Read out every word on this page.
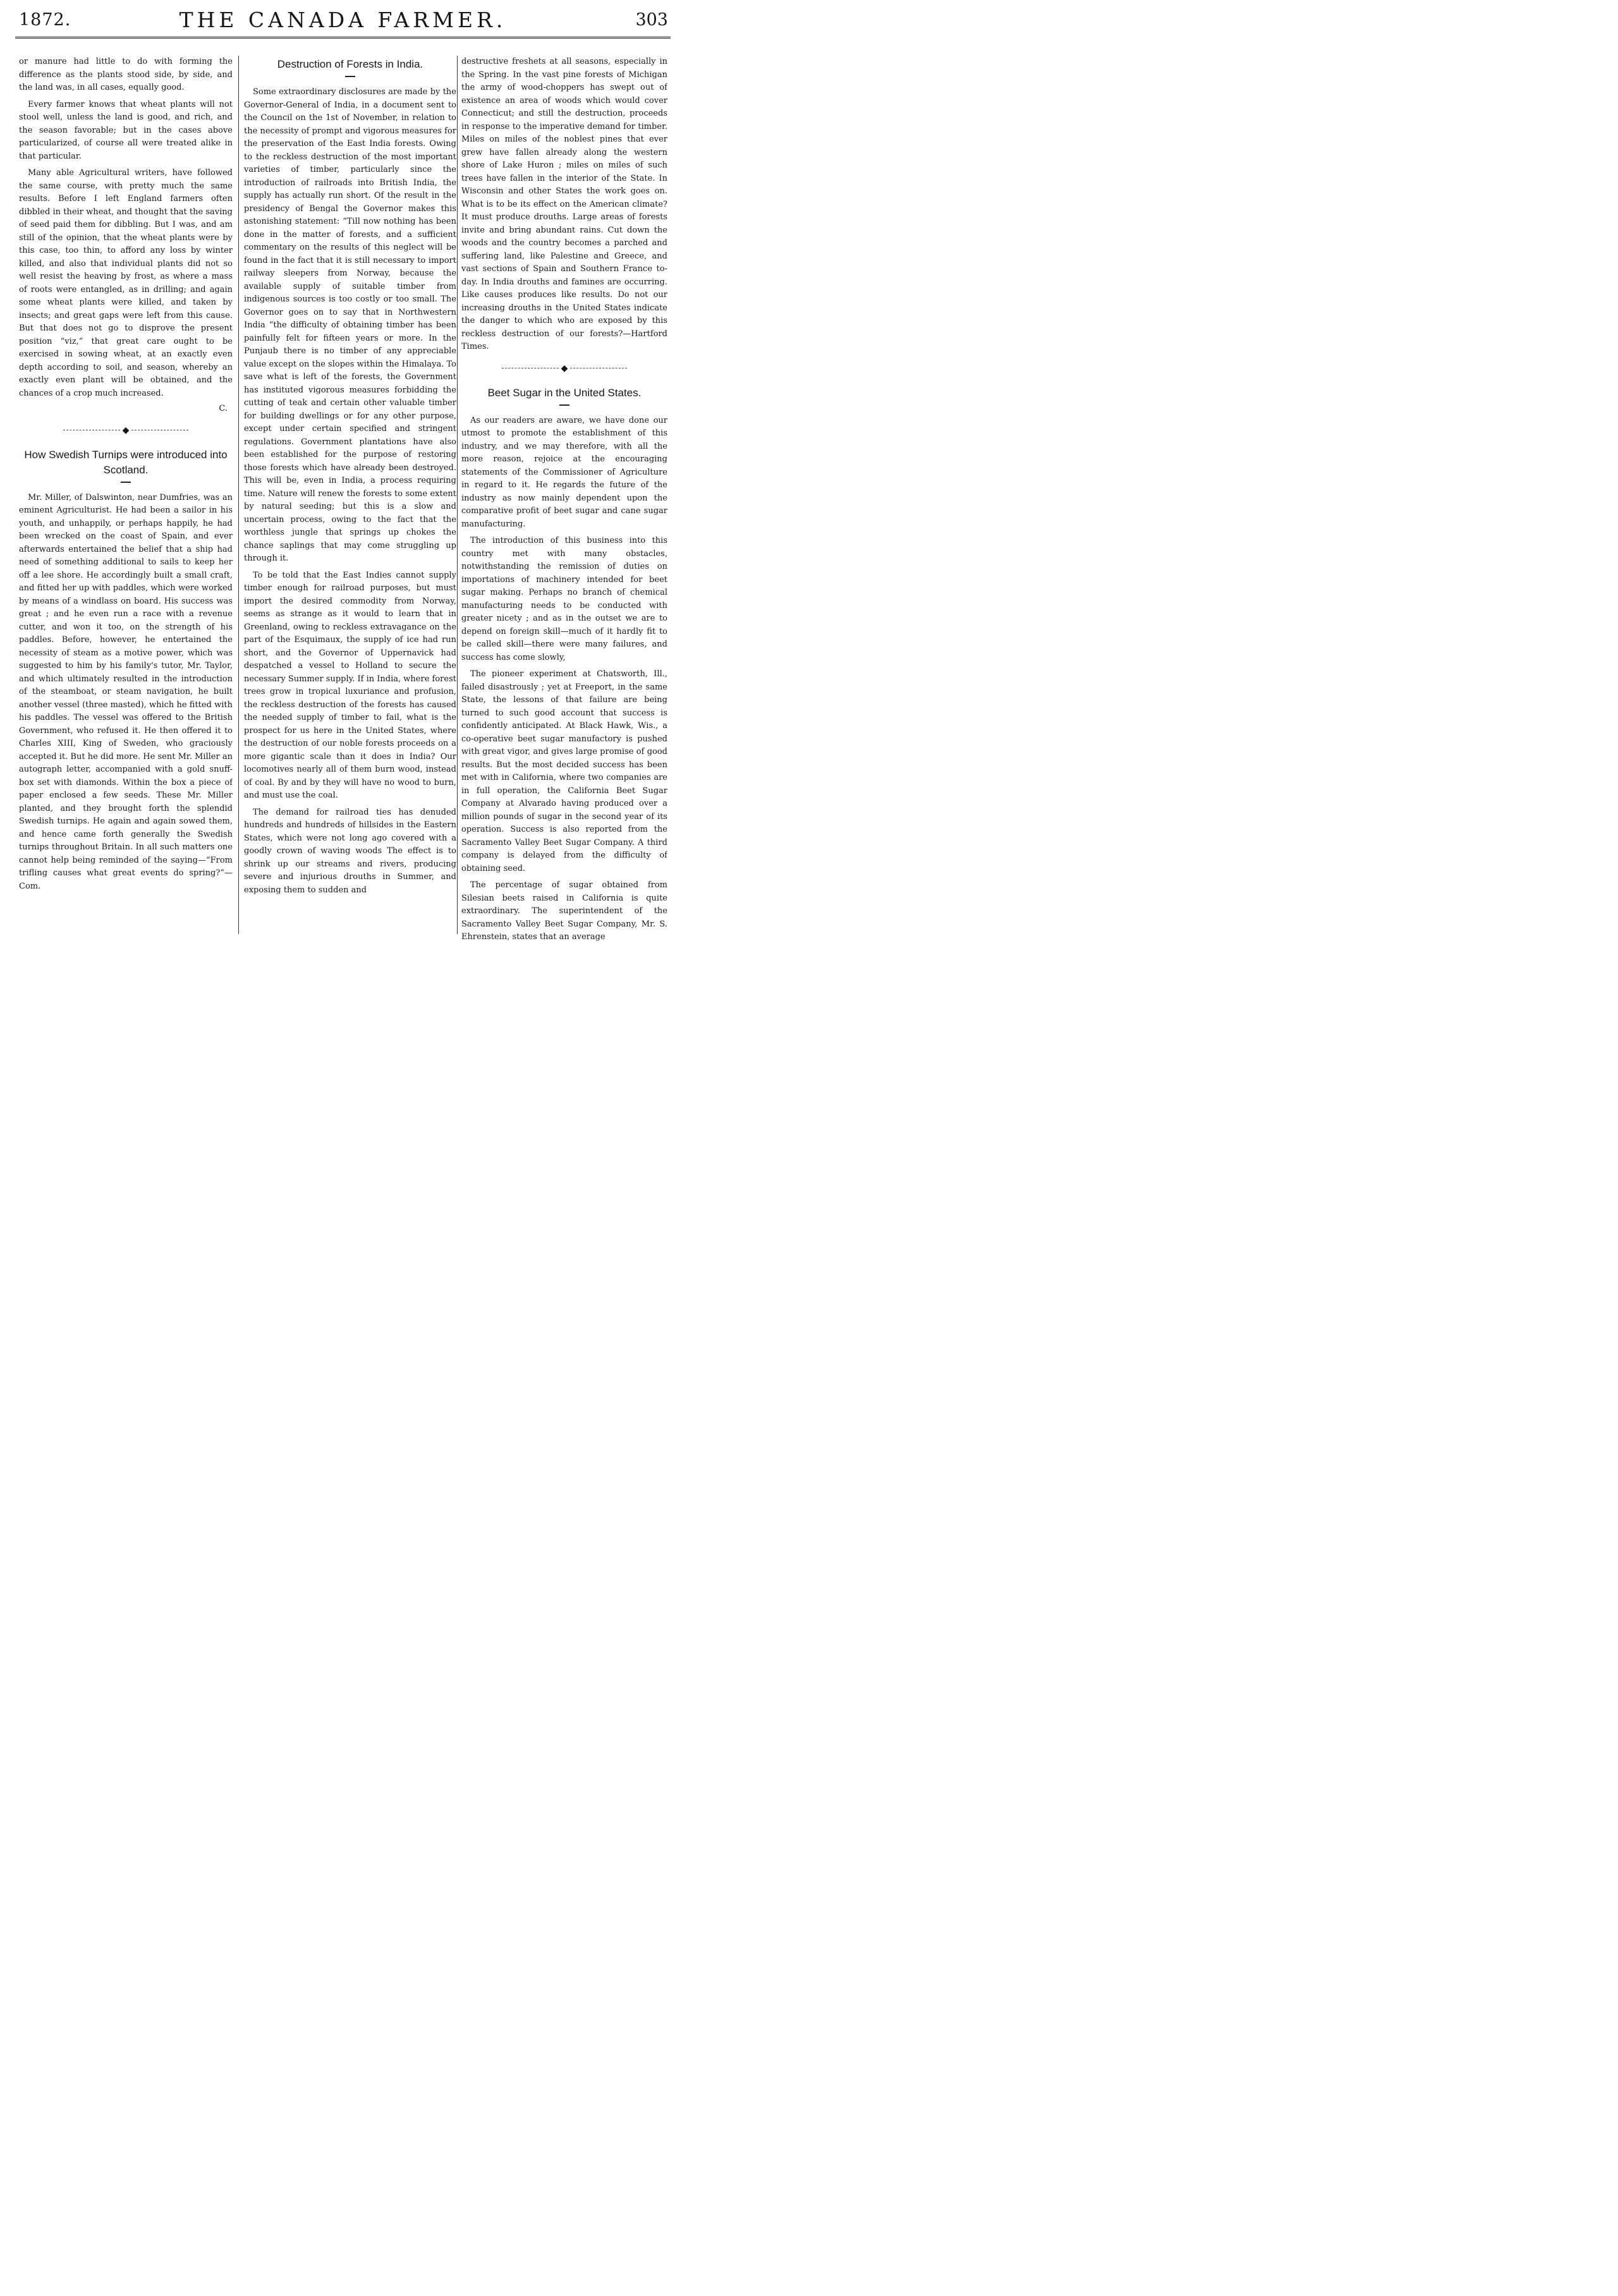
1872.	THE CANADA FARMER.	303

or manure had little to do with forming the difference as the plants stood side, by side, and the land was, in all cases, equally good.

Every farmer knows that wheat plants will not stool well, unless the land is good, and rich, and the season favorable; but in the cases above particularized, of course all were treated alike in that particular.

Many able Agricultural writers, have followed the same course, with pretty much the same results. Before I left England farmers often dibbled in their wheat, and thought that the saving of seed paid them for dibbling. But I was, and am still of the opinion, that the wheat plants were by this case, too thin, to afford any loss by winter killed, and also that individual plants did not so well resist the heaving by frost, as where a mass of roots were entangled, as in drilling; and again some wheat plants were killed, and taken by insects; and great gaps were left from this cause. But that does not go to disprove the present position “viz,” that great care ought to be exercised in sowing wheat, at an exactly even depth according to soil, and season, whereby an exactly even plant will be obtained, and the chances of a crop much increased.

C.

◆
How Swedish Turnips were introduced into Scotland.

Mr. Miller, of Dalswinton, near Dumfries, was an eminent Agriculturist. He had been a sailor in his youth, and unhappily, or perhaps happily, he had been wrecked on the coast of Spain, and ever afterwards entertained the belief that a ship had need of something additional to sails to keep her off a lee shore. He accordingly built a small craft, and fitted her up with paddles, which were worked by means of a windlass on board. His success was great ; and he even run a race with a revenue cutter, and won it too, on the strength of his paddles. Before, however, he entertained the necessity of steam as a motive power, which was suggested to him by his family's tutor, Mr. Taylor, and which ultimately resulted in the introduction of the steamboat, or steam navigation, he built another vessel (three masted), which he fitted with his paddles. The vessel was offered to the British Government, who refused it. He then offered it to Charles XIII, King of Sweden, who graciously accepted it. But he did more. He sent Mr. Miller an autograph letter, accompanied with a gold snuff-box set with diamonds. Within the box a piece of paper enclosed a few seeds. These Mr. Miller planted, and they brought forth the splendid Swedish turnips. He again and again sowed them, and hence came forth generally the Swedish turnips throughout Britain. In all such matters one cannot help being reminded of the saying—“From trifling causes what great events do spring?”—Com.

Destruction of Forests in India.

Some extraordinary disclosures are made by the Governor-General of India, in a document sent to the Council on the 1st of November, in relation to the necessity of prompt and vigorous measures for the preservation of the East India forests. Owing to the reckless destruction of the most important varieties of timber, particularly since the introduction of railroads into British India, the supply has actually run short. Of the result in the presidency of Bengal the Governor makes this astonishing statement: “Till now nothing has been done in the matter of forests, and a sufficient commentary on the results of this neglect will be found in the fact that it is still necessary to import railway sleepers from Norway, because the available supply of suitable timber from indigenous sources is too costly or too small. The Governor goes on to say that in Northwestern India “the difficulty of obtaining timber has been painfully felt for fifteen years or more. In the Punjaub there is no timber of any appreciable value except on the slopes within the Himalaya. To save what is left of the forests, the Government has instituted vigorous measures forbidding the cutting of teak and certain other valuable timber for building dwellings or for any other purpose, except under certain specified and stringent regulations. Government plantations have also been established for the purpose of restoring those forests which have already been destroyed. This will be, even in India, a process requiring time. Nature will renew the forests to some extent by natural seeding; but this is a slow and uncertain process, owing to the fact that the worthless jungle that springs up chokes the chance saplings that may come struggling up through it.

To be told that the East Indies cannot supply timber enough for railroad purposes, but must import the desired commodity from Norway, seems as strange as it would to learn that in Greenland, owing to reckless extravagance on the part of the Esquimaux, the supply of ice had run short, and the Governor of Uppernavick had despatched a vessel to Holland to secure the necessary Summer supply. If in India, where forest trees grow in tropical luxuriance and profusion, the reckless destruction of the forests has caused the needed supply of timber to fail, what is the prospect for us here in the United States, where the destruction of our noble forests proceeds on a more gigantic scale than it does in India? Our locomotives nearly all of them burn wood, instead of coal. By and by they will have no wood to burn, and must use the coal.

The demand for railroad ties has denuded hundreds and hundreds of hillsides in the Eastern States, which were not long ago covered with a goodly crown of waving woods The effect is to shrink up our streams and rivers, producing severe and injurious drouths in Summer, and exposing them to sudden and

destructive freshets at all seasons, especially in the Spring. In the vast pine forests of Michigan the army of wood-choppers has swept out of existence an area of woods which would cover Connecticut; and still the destruction, proceeds in response to the imperative demand for timber. Miles on miles of the noblest pines that ever grew have fallen already along the western shore of Lake Huron ; miles on miles of such trees have fallen in the interior of the State. In Wisconsin and other States the work goes on. What is to be its effect on the American climate? It must produce drouths. Large areas of forests invite and bring abundant rains. Cut down the woods and the country becomes a parched and suffering land, like Palestine and Greece, and vast sections of Spain and Southern France to-day. In India drouths and famines are occurring. Like causes produces like results. Do not our increasing drouths in the United States indicate the danger to which who are exposed by this reckless destruction of our forests?—Hartford Times.

◆
Beet Sugar in the United States.

As our readers are aware, we have done our utmost to promote the establishment of this industry, and we may therefore, with all the more reason, rejoice at the encouraging statements of the Commissioner of Agriculture in regard to it. He regards the future of the industry as now mainly dependent upon the comparative profit of beet sugar and cane sugar manufacturing.

The introduction of this business into this country met with many obstacles, notwithstanding the remission of duties on importations of machinery intended for beet sugar making. Perhaps no branch of chemical manufacturing needs to be conducted with greater nicety ; and as in the outset we are to depend on foreign skill—much of it hardly fit to be called skill—there were many failures, and success has come slowly,

The pioneer experiment at Chatsworth, Ill., failed disastrously ; yet at Freeport, in the same State, the lessons of that failure are being turned to such good account that success is confidently anticipated. At Black Hawk, Wis., a co-operative beet sugar manufactory is pushed with great vigor, and gives large promise of good results. But the most decided success has been met with in California, where two companies are in full operation, the California Beet Sugar Company at Alvarado having produced over a million pounds of sugar in the second year of its operation. Success is also reported from the Sacramento Valley Beet Sugar Company. A third company is delayed from the difficulty of obtaining seed.

The percentage of sugar obtained from Silesian beets raised in California is quite extraordinary. The superintendent of the Sacramento Valley Beet Sugar Company, Mr. S. Ehrenstein, states that an average
